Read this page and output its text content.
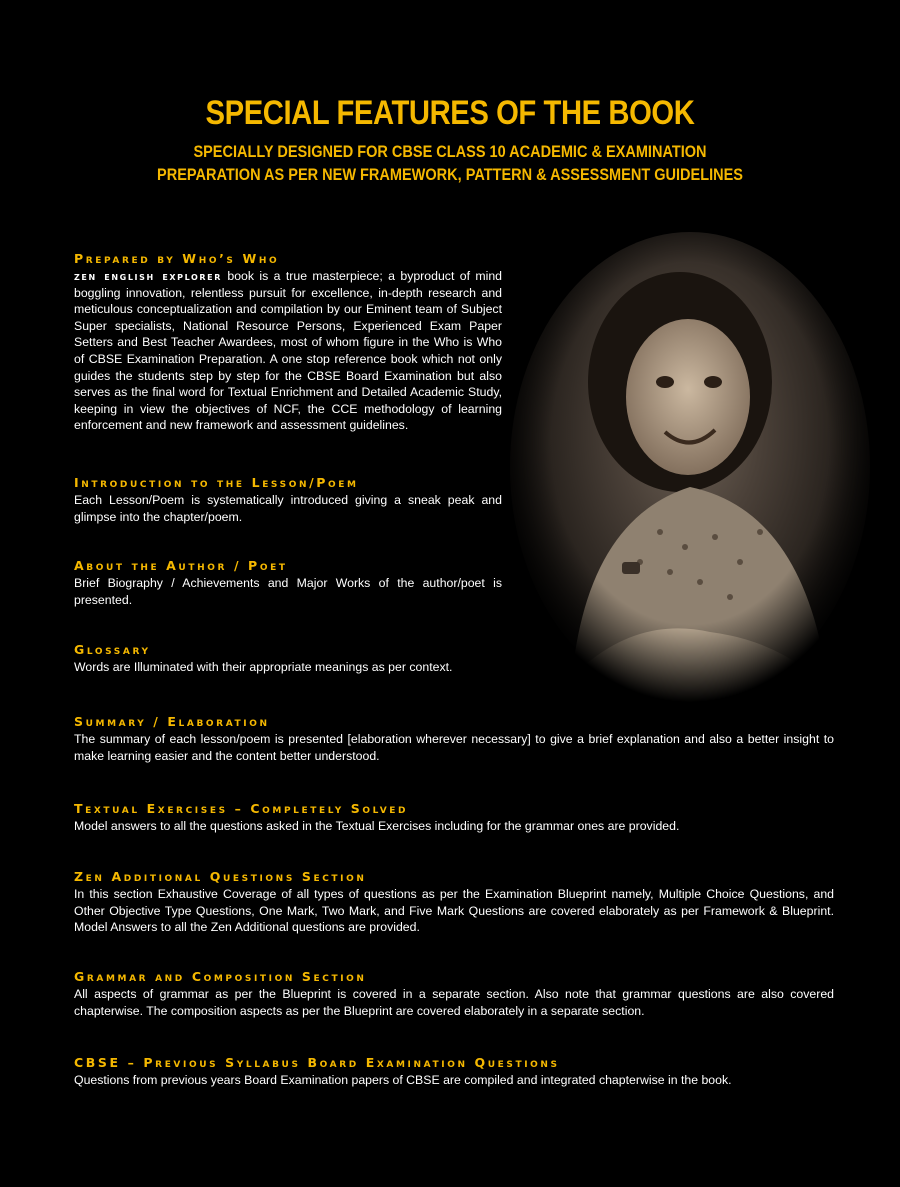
SPECIAL FEATURES OF THE BOOK

SPECIALLY DESIGNED FOR CBSE CLASS 10 ACADEMIC & EXAMINATION

PREPARATION AS PER NEW FRAMEWORK, PATTERN & ASSESSMENT GUIDELINES

Prepared by Who’s Who

zen english explorer book is a true masterpiece; a byproduct of mind boggling innovation, relentless pursuit for excellence, in-depth research and meticulous conceptualization and compilation by our Eminent team of Subject Super specialists, National Resource Persons, Experienced Exam Paper Setters and Best Teacher Awardees, most of whom figure in the Who is Who of CBSE Examination Preparation. A one stop reference book which not only guides the students step by step for the CBSE Board Examination but also serves as the final word for Textual Enrichment and Detailed Academic Study, keeping in view the objectives of NCF, the CCE methodology of learning enforcement and new framework and assessment guidelines.

Introduction to the Lesson/Poem

Each Lesson/Poem is systematically introduced giving a sneak peak and glimpse into the chapter/poem.

About the Author / Poet

Brief Biography / Achievements and Major Works of the author/poet is presented.

Glossary

Words are Illuminated with their appropriate meanings as per context.

Summary / Elaboration

The summary of each lesson/poem is presented [elaboration wherever necessary] to give a brief explanation and also a better insight to make learning easier and the content better understood.

Textual Exercises – Completely Solved

Model answers to all the questions asked in the Textual Exercises including for the grammar ones are provided.

Zen Additional Questions Section

In this section Exhaustive Coverage of all types of questions as per the Examination Blueprint namely, Multiple Choice Questions, and Other Objective Type Questions, One Mark, Two Mark, and Five Mark Questions are covered elaborately as per Framework & Blueprint. Model Answers to all the Zen Additional questions are provided.

Grammar and Composition Section

All aspects of grammar as per the Blueprint is covered in a separate section. Also note that grammar questions are also covered chapterwise. The composition aspects as per the Blueprint are covered elaborately in a separate section.

CBSE – Previous Syllabus Board Examination Questions

Questions from previous years Board Examination papers of CBSE are compiled and integrated chapterwise in the book.
